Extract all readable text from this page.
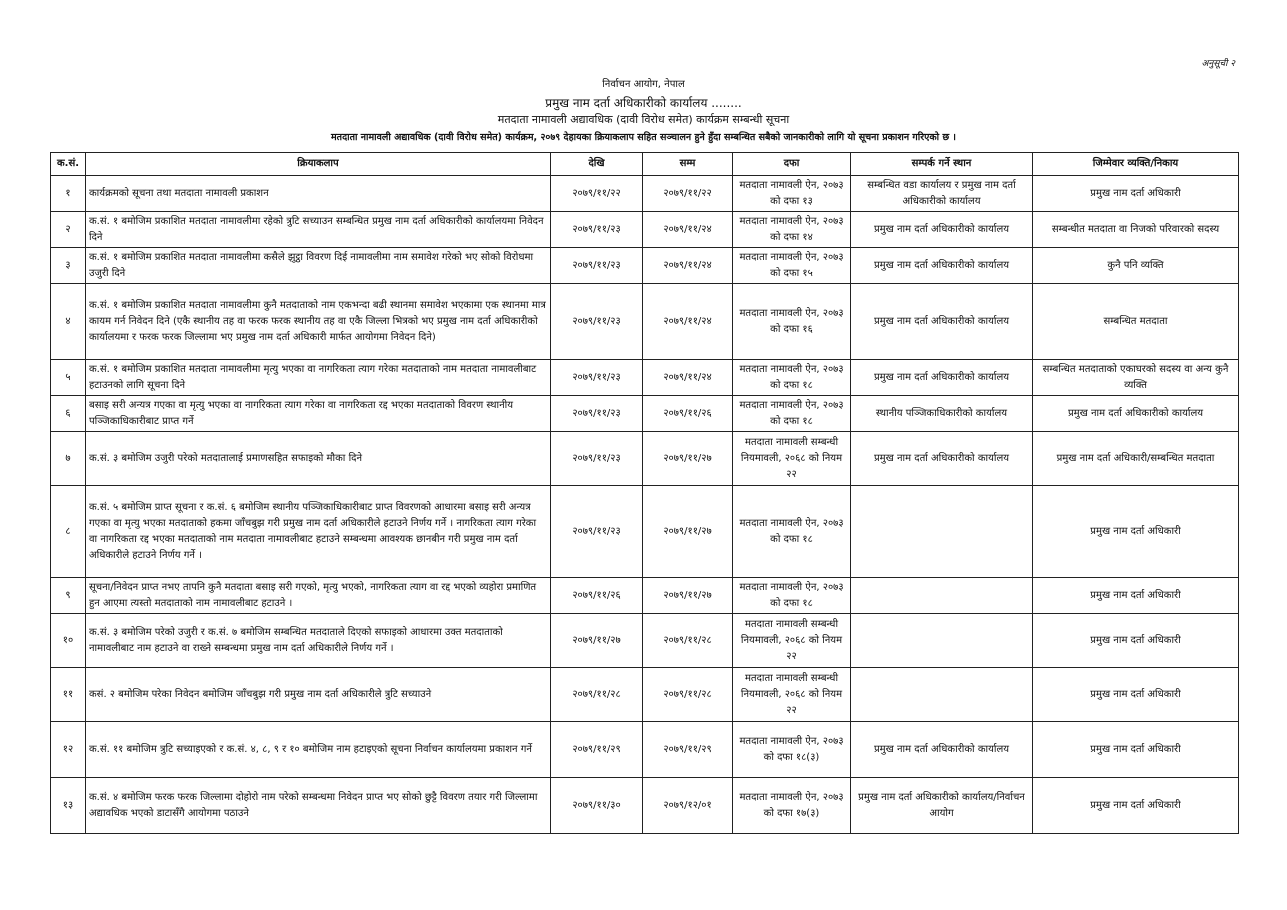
अनुसूची २
निर्वाचन आयोग, नेपाल
प्रमुख नाम दर्ता अधिकारीको कार्यालय ........
मतदाता नामावली अद्यावधिक (दावी विरोध समेत) कार्यक्रम सम्बन्धी सूचना
मतदाता नामावली अद्यावधिक (दावी विरोध समेत) कार्यक्रम, २०७९ देहायका क्रियाकलाप सहित सञ्चालन हुने हुँदा सम्बन्धित सबैको जानकारीको लागि यो सूचना प्रकाशन गरिएको छ ।
क.सं.	क्रियाकलाप	देखि	सम्म	दफा	सम्पर्क गर्ने स्थान	जिम्मेवार व्यक्ति/निकाय
१	कार्यक्रमको सूचना तथा मतदाता नामावली प्रकाशन	२०७९/११/२२	२०७९/११/२२	मतदाता नामावली ऐन, २०७३ को दफा १३	सम्बन्धित वडा कार्यालय र प्रमुख नाम दर्ता अधिकारीको कार्यालय	प्रमुख नाम दर्ता अधिकारी
२	क.सं. १ बमोजिम प्रकाशित मतदाता नामावलीमा रहेको त्रुटि सच्याउन सम्बन्धित प्रमुख नाम दर्ता अधिकारीको कार्यालयमा निवेदन दिने	२०७९/११/२३	२०७९/११/२४	मतदाता नामावली ऐन, २०७३ को दफा १४	प्रमुख नाम दर्ता अधिकारीको कार्यालय	सम्बन्धीत मतदाता वा निजको परिवारको सदस्य
३	क.सं. १ बमोजिम प्रकाशित मतदाता नामावलीमा कसैले झुट्ठा विवरण दिई नामावलीमा नाम समावेश गरेको भए सोको विरोधमा उजुरी दिने	२०७९/११/२३	२०७९/११/२४	मतदाता नामावली ऐन, २०७३ को दफा १५	प्रमुख नाम दर्ता अधिकारीको कार्यालय	कुनै पनि व्यक्ति
४	क.सं. १ बमोजिम प्रकाशित मतदाता नामावलीमा कुनै मतदाताको नाम एकभन्दा बढी स्थानमा समावेश भएकामा एक स्थानमा मात्र कायम गर्न निवेदन दिने (एकै स्थानीय तह वा फरक फरक स्थानीय तह वा एकै जिल्ला भित्रको भए प्रमुख नाम दर्ता अधिकारीको कार्यालयमा र फरक फरक जिल्लामा भए प्रमुख नाम दर्ता अधिकारी मार्फत आयोगमा निवेदन दिने)	२०७९/११/२३	२०७९/११/२४	मतदाता नामावली ऐन, २०७३ को दफा १६	प्रमुख नाम दर्ता अधिकारीको कार्यालय	सम्बन्धित मतदाता
५	क.सं. १ बमोजिम प्रकाशित मतदाता नामावलीमा मृत्यु भएका वा नागरिकता त्याग गरेका मतदाताको नाम मतदाता नामावलीबाट हटाउनको लागि सूचना दिने	२०७९/११/२३	२०७९/११/२४	मतदाता नामावली ऐन, २०७३ को दफा १८	प्रमुख नाम दर्ता अधिकारीको कार्यालय	सम्बन्धित मतदाताको एकाघरको सदस्य वा अन्य कुनै व्यक्ति
६	बसाइ सरी अन्यत्र गएका वा मृत्यु भएका वा नागरिकता त्याग गरेका वा नागरिकता रद्द भएका मतदाताको विवरण स्थानीय पञ्जिकाधिकारीबाट प्राप्त गर्ने	२०७९/११/२३	२०७९/११/२६	मतदाता नामावली ऐन, २०७३ को दफा १८	स्थानीय पञ्जिकाधिकारीको कार्यालय	प्रमुख नाम दर्ता अधिकारीको कार्यालय
७	क.सं. ३ बमोजिम उजुरी परेको मतदातालाई प्रमाणसहित सफाइको मौका दिने	२०७९/११/२३	२०७९/११/२७	मतदाता नामावली सम्बन्धी नियमावली, २०६८ को नियम २२	प्रमुख नाम दर्ता अधिकारीको कार्यालय	प्रमुख नाम दर्ता अधिकारी/सम्बन्धित मतदाता
८	क.सं. ५ बमोजिम प्राप्त सूचना र क.सं. ६ बमोजिम स्थानीय पञ्जिकाधिकारीबाट प्राप्त विवरणको आधारमा बसाइ सरी अन्यत्र गएका वा मृत्यु भएका मतदाताको हकमा जाँचबुझ गरी प्रमुख नाम दर्ता अधिकारीले हटाउने निर्णय गर्ने । नागरिकता त्याग गरेका वा नागरिकता रद्द भएका मतदाताको नाम मतदाता नामावलीबाट हटाउने सम्बन्धमा आवश्यक छानबीन गरी प्रमुख नाम दर्ता अधिकारीले हटाउने निर्णय गर्ने ।	२०७९/११/२३	२०७९/११/२७	मतदाता नामावली ऐन, २०७३ को दफा १८		प्रमुख नाम दर्ता अधिकारी
९	सूचना/निवेदन प्राप्त नभए तापनि कुनै मतदाता बसाइ सरी गएको, मृत्यु भएको, नागरिकता त्याग वा रद्द भएको व्यहोरा प्रमाणित हुन आएमा त्यस्तो मतदाताको नाम नामावलीबाट हटाउने ।	२०७९/११/२६	२०७९/११/२७	मतदाता नामावली ऐन, २०७३ को दफा १८		प्रमुख नाम दर्ता अधिकारी
१०	क.सं. ३ बमोजिम परेको उजुरी र क.सं. ७ बमोजिम सम्बन्धित मतदाताले दिएको सफाइको आधारमा उक्त मतदाताको नामावलीबाट नाम हटाउने वा राख्ने सम्बन्धमा प्रमुख नाम दर्ता अधिकारीले निर्णय गर्ने ।	२०७९/११/२७	२०७९/११/२८	मतदाता नामावली सम्बन्धी नियमावली, २०६८ को नियम २२		प्रमुख नाम दर्ता अधिकारी
११	कसं. २ बमोजिम परेका निवेदन बमोजिम जाँचबुझ गरी प्रमुख नाम दर्ता अधिकारीले त्रुटि सच्याउने	२०७९/११/२८	२०७९/११/२८	मतदाता नामावली सम्बन्धी नियमावली, २०६८ को नियम २२		प्रमुख नाम दर्ता अधिकारी
१२	क.सं. ११ बमोजिम त्रुटि सच्याइएको र क.सं. ४, ८, ९ र १० बमोजिम नाम हटाइएको सूचना निर्वाचन कार्यालयमा प्रकाशन गर्ने	२०७९/११/२९	२०७९/११/२९	मतदाता नामावली ऐन, २०७३ को दफा १८(३)	प्रमुख नाम दर्ता अधिकारीको कार्यालय	प्रमुख नाम दर्ता अधिकारी
१३	क.सं. ४ बमोजिम फरक फरक जिल्लामा दोहोरो नाम परेको सम्बन्धमा निवेदन प्राप्त भए सोको छुट्टै विवरण तयार गरी जिल्लामा अद्यावधिक भएको डाटासँगै आयोगमा पठाउने	२०७९/११/३०	२०७९/१२/०१	मतदाता नामावली ऐन, २०७३ को दफा १७(३)	प्रमुख नाम दर्ता अधिकारीको कार्यालय/निर्वाचन आयोग	प्रमुख नाम दर्ता अधिकारी
